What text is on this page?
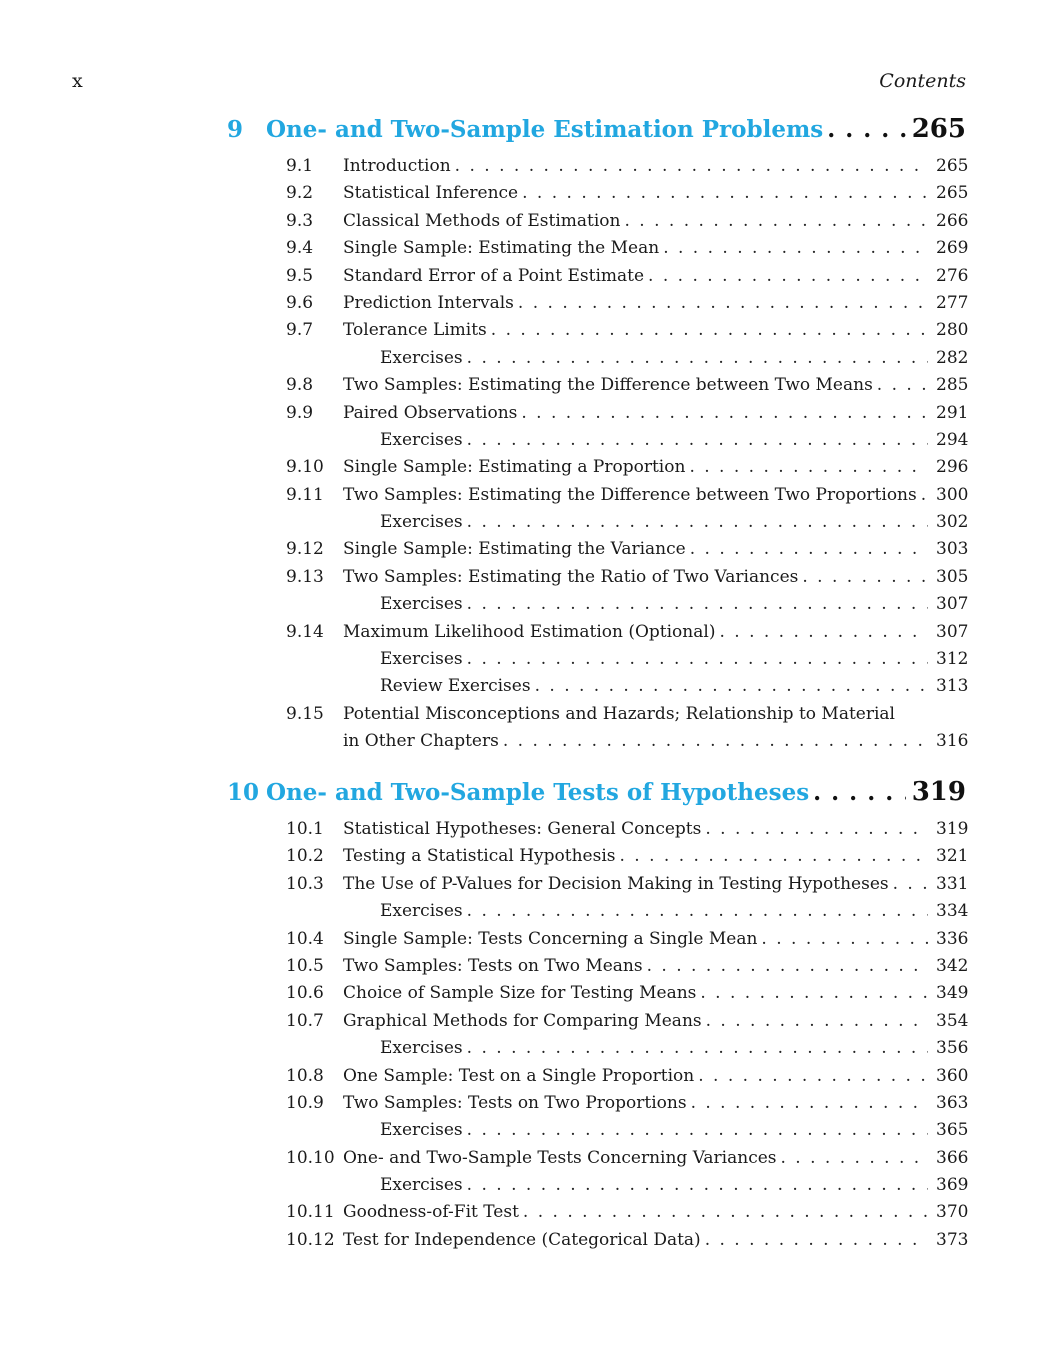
x	Contents
9 One- and Two-Sample Estimation Problems . . .	265
9.1 Introduction . . .	265
9.2 Statistical Inference . . .	265
9.3 Classical Methods of Estimation . . .	266
9.4 Single Sample: Estimating the Mean . . .	269
9.5 Standard Error of a Point Estimate . . .	276
9.6 Prediction Intervals . . .	277
9.7 Tolerance Limits . . .	280
Exercises . . .	282
9.8 Two Samples: Estimating the Difference between Two Means . . .	285
9.9 Paired Observations . . .	291
Exercises . . .	294
9.10 Single Sample: Estimating a Proportion . . .	296
9.11 Two Samples: Estimating the Difference between Two Proportions . . . 300
Exercises . . .	302
9.12 Single Sample: Estimating the Variance . . .	303
9.13 Two Samples: Estimating the Ratio of Two Variances . . .	305
Exercises . . .	307
9.14 Maximum Likelihood Estimation (Optional) . . .	307
Exercises . . .	312
Review Exercises . . .	313
9.15 Potential Misconceptions and Hazards; Relationship to Material
in Other Chapters . . .	316
10 One- and Two-Sample Tests of Hypotheses . . .	319
10.1 Statistical Hypotheses: General Concepts . . .	319
10.2 Testing a Statistical Hypothesis . . .	321
10.3 The Use of P-Values for Decision Making in Testing Hypotheses . . .	331
Exercises . . .	334
10.4 Single Sample: Tests Concerning a Single Mean . . .	336
10.5 Two Samples: Tests on Two Means . . .	342
10.6 Choice of Sample Size for Testing Means . . .	349
10.7 Graphical Methods for Comparing Means . . .	354
Exercises . . .	356
10.8 One Sample: Test on a Single Proportion . . .	360
10.9 Two Samples: Tests on Two Proportions . . .	363
Exercises . . .	365
10.10 One- and Two-Sample Tests Concerning Variances . . .	366
Exercises . . .	369
10.11 Goodness-of-Fit Test . . .	370
10.12 Test for Independence (Categorical Data) . . .	373
